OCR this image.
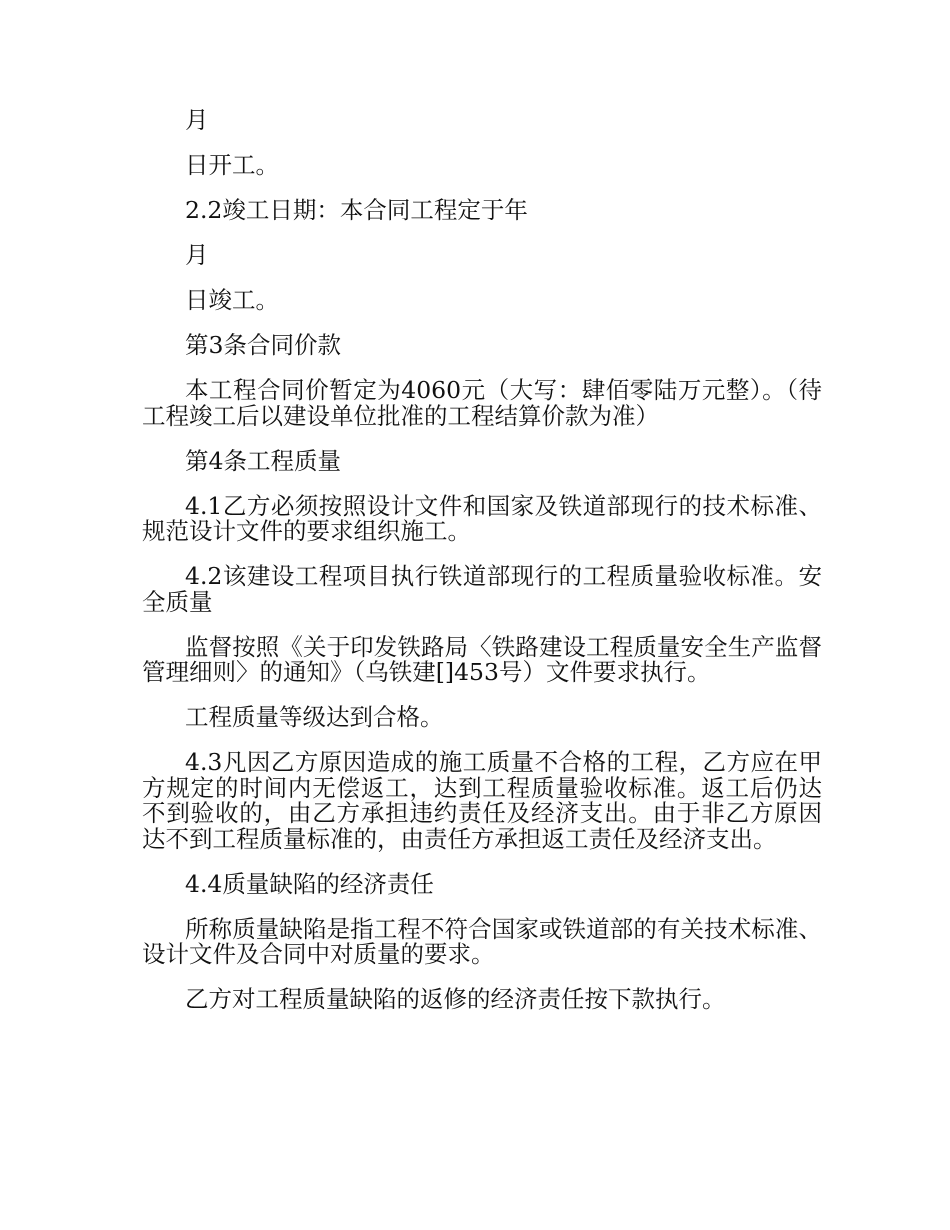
月

日开工。

2.2竣工日期：本合同工程定于年

月

日竣工。

第3条合同价款

本工程合同价暂定为4060元（大写：肆佰零陆万元整）。（待工程竣工后以建设单位批准的工程结算价款为准）

第4条工程质量

4.1乙方必须按照设计文件和国家及铁道部现行的技术标准、规范设计文件的要求组织施工。

4.2该建设工程项目执行铁道部现行的工程质量验收标准。安全质量

监督按照《关于印发铁路局〈铁路建设工程质量安全生产监督管理细则〉的通知》（乌铁建[]453号）文件要求执行。

工程质量等级达到合格。

4.3凡因乙方原因造成的施工质量不合格的工程，乙方应在甲方规定的时间内无偿返工，达到工程质量验收标准。返工后仍达不到验收的，由乙方承担违约责任及经济支出。由于非乙方原因达不到工程质量标准的，由责任方承担返工责任及经济支出。

4.4质量缺陷的经济责任

所称质量缺陷是指工程不符合国家或铁道部的有关技术标准、设计文件及合同中对质量的要求。

乙方对工程质量缺陷的返修的经济责任按下款执行。
